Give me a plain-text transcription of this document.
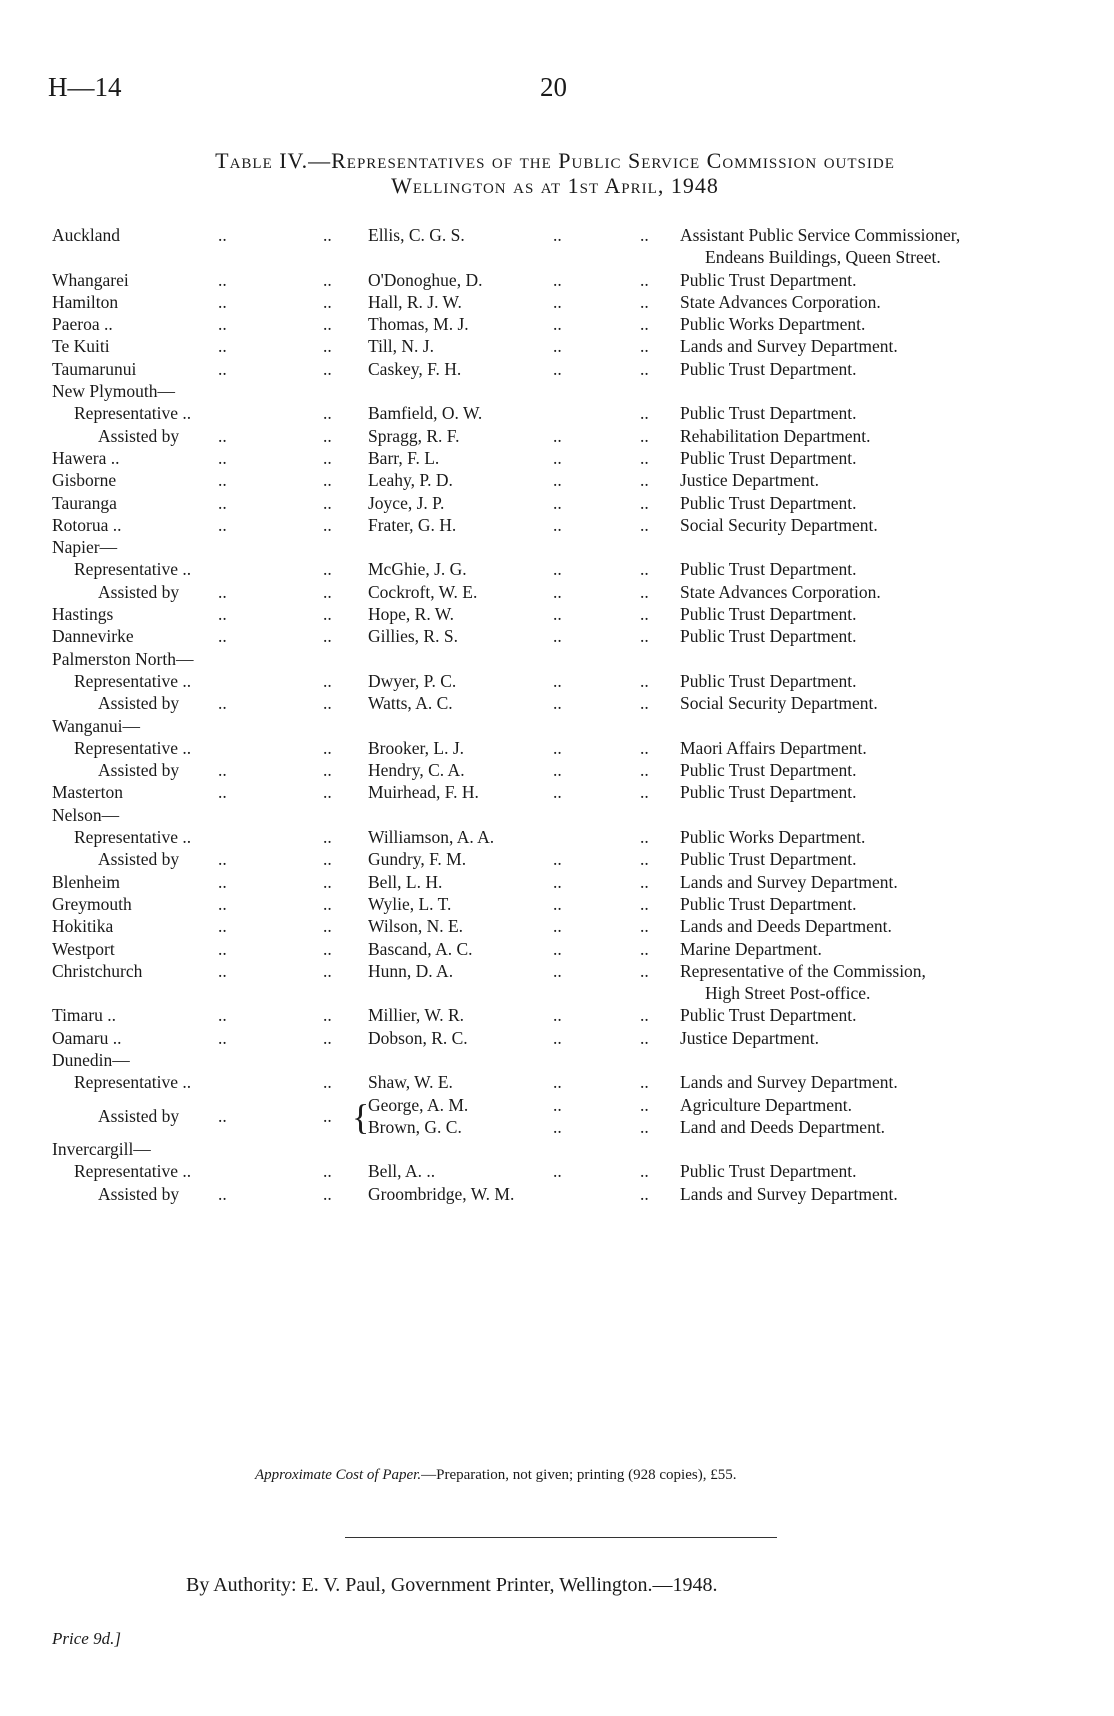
H—14	20
Table IV.—Representatives of the Public Service Commission outside
Wellington as at 1st April, 1948
Auckland	..	.. Ellis, C. G. S.	..	.. Assistant Public Service Commissioner,
Endeans Buildings, Queen Street.
Whangarei	..	.. O'Donoghue, D.	..	.. Public Trust Department.
Hamilton	..	.. Hall, R. J. W.	..	.. State Advances Corporation.
Paeroa ..	..	.. Thomas, M. J.	..	.. Public Works Department.
Te Kuiti	..	.. Till, N. J.	..	.. Lands and Survey Department.
Taumarunui	..	.. Caskey, F. H.	..	.. Public Trust Department.
New Plymouth—
Representative ..	.. Bamfield, O. W.	.. Public Trust Department.
Assisted by ..	.. Spragg, R. F.	..	.. Rehabilitation Department.
Hawera ..	..	.. Barr, F. L.	..	.. Public Trust Department.
Gisborne	..	.. Leahy, P. D.	..	.. Justice Department.
Tauranga	..	.. Joyce, J. P.	..	.. Public Trust Department.
Rotorua ..	..	.. Frater, G. H.	..	.. Social Security Department.
Napier—
Representative ..	.. McGhie, J. G.	..	.. Public Trust Department.
Assisted by ..	.. Cockroft, W. E.	..	.. State Advances Corporation.
Hastings	..	.. Hope, R. W.	..	.. Public Trust Department.
Dannevirke	..	.. Gillies, R. S.	..	.. Public Trust Department.
Palmerston North—
Representative ..	.. Dwyer, P. C.	..	.. Public Trust Department.
Assisted by ..	.. Watts, A. C.	..	.. Social Security Department.
Wanganui—
Representative ..	.. Brooker, L. J.	..	.. Maori Affairs Department.
Assisted by ..	.. Hendry, C. A.	..	.. Public Trust Department.
Masterton	..	.. Muirhead, F. H.	..	.. Public Trust Department.
Nelson—
Representative ..	.. Williamson, A. A.	.. Public Works Department.
Assisted by ..	.. Gundry, F. M.	..	.. Public Trust Department.
Blenheim	..	.. Bell, L. H.	..	.. Lands and Survey Department.
Greymouth	..	.. Wylie, L. T.	..	.. Public Trust Department.
Hokitika	..	.. Wilson, N. E.	..	.. Lands and Deeds Department.
Westport	..	.. Bascand, A. C.	..	.. Marine Department.
Christchurch	..	.. Hunn, D. A.	..	.. Representative of the Commission,
High Street Post-office.
Timaru ..	..	.. Millier, W. R.	..	.. Public Trust Department.
Oamaru ..	..	.. Dobson, R. C.	..	.. Justice Department.
Dunedin—
Representative ..	.. Shaw, W. E.	..	.. Lands and Survey Department.
Assisted by ..	.. {
George, A. M.	..	.. Agriculture Department.
Brown, G. C.	..	.. Land and Deeds Department.
Invercargill—
Representative ..	.. Bell, A. ..	..	.. Public Trust Department.
Assisted by ..	.. Groombridge, W. M.	.. Lands and Survey Department.
Approximate Cost of Paper.—Preparation, not given; printing (928 copies), £55.
By Authority: E. V. Paul, Government Printer, Wellington.—1948.
Price 9d.]
